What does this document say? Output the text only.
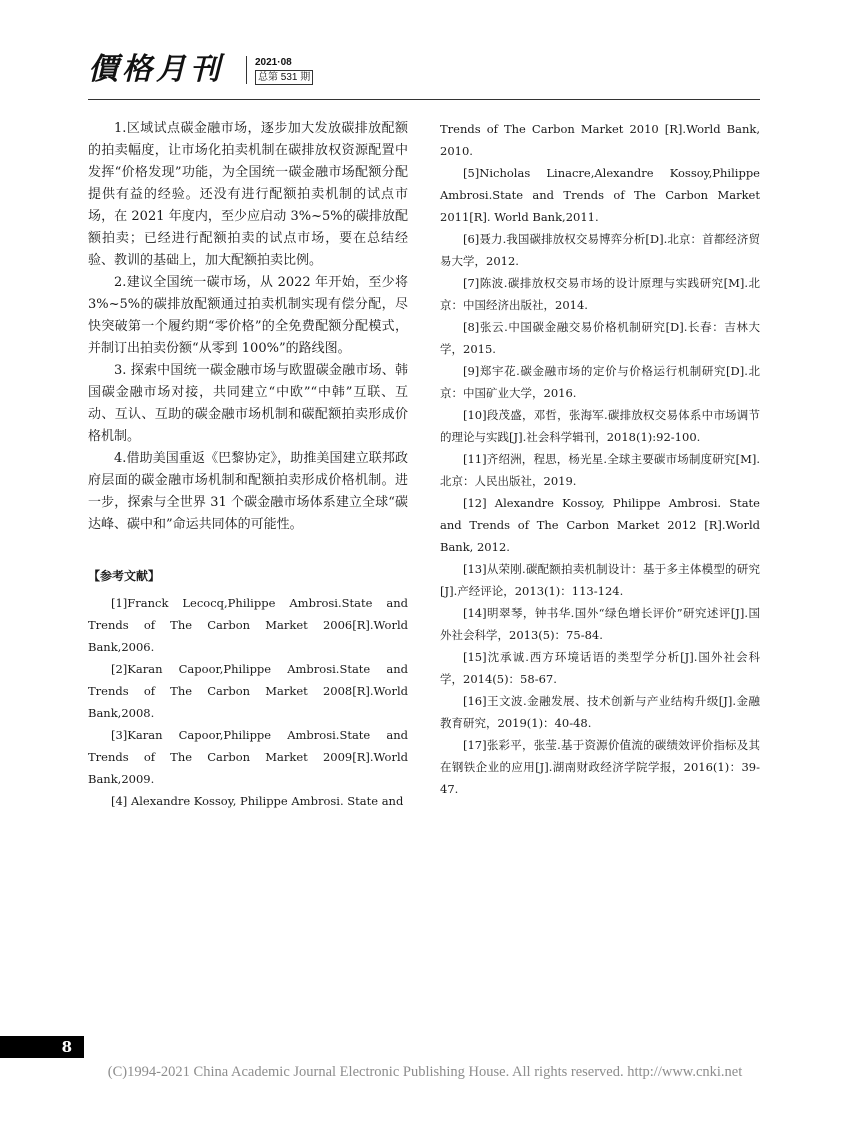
價格月刊	2021·08
总第 531 期

1.区域试点碳金融市场，逐步加大发放碳排放配额的拍卖幅度，让市场化拍卖机制在碳排放权资源配置中发挥“价格发现”功能，为全国统一碳金融市场配额分配提供有益的经验。还没有进行配额拍卖机制的试点市场，在 2021 年度内，至少应启动 3%~5%的碳排放配额拍卖；已经进行配额拍卖的试点市场，要在总结经验、教训的基础上，加大配额拍卖比例。

2.建议全国统一碳市场，从 2022 年开始，至少将 3%~5%的碳排放配额通过拍卖机制实现有偿分配，尽快突破第一个履约期“零价格”的全免费配额分配模式，并制订出拍卖份额“从零到 100%”的路线图。

3. 探索中国统一碳金融市场与欧盟碳金融市场、韩国碳金融市场对接，共同建立“中欧”“中韩”互联、互动、互认、互助的碳金融市场机制和碳配额拍卖形成价格机制。

4.借助美国重返《巴黎协定》，助推美国建立联邦政府层面的碳金融市场机制和配额拍卖形成价格机制。进一步，探索与全世界 31 个碳金融市场体系建立全球“碳达峰、碳中和”命运共同体的可能性。

【参考文献】

[1]Franck Lecocq,Philippe Ambrosi.State and Trends of The Carbon Market 2006[R].World Bank,2006.

[2]Karan Capoor,Philippe Ambrosi.State and Trends of The Carbon Market 2008[R].World Bank,2008.

[3]Karan Capoor,Philippe Ambrosi.State and Trends of The Carbon Market 2009[R].World Bank,2009.

[4] Alexandre Kossoy, Philippe Ambrosi. State and

Trends of The Carbon Market 2010 [R].World Bank, 2010.

[5]Nicholas Linacre,Alexandre Kossoy,Philippe Ambrosi.State and Trends of The Carbon Market 2011[R]. World Bank,2011.

[6]聂力.我国碳排放权交易博弈分析[D].北京：首都经济贸易大学，2012.

[7]陈波.碳排放权交易市场的设计原理与实践研究[M].北京：中国经济出版社，2014.

[8]张云.中国碳金融交易价格机制研究[D].长春：吉林大学，2015.

[9]郑宇花.碳金融市场的定价与价格运行机制研究[D].北京：中国矿业大学，2016.

[10]段茂盛，邓哲，张海军.碳排放权交易体系中市场调节的理论与实践[J].社会科学辑刊，2018(1):92-100.

[11]齐绍洲，程思，杨光星.全球主要碳市场制度研究[M].北京：人民出版社，2019.

[12] Alexandre Kossoy, Philippe Ambrosi. State and Trends of The Carbon Market 2012 [R].World Bank, 2012.

[13]从荣刚.碳配额拍卖机制设计：基于多主体模型的研究[J].产经评论，2013(1)：113-124.

[14]明翠琴，钟书华.国外“绿色增长评价”研究述评[J].国外社会科学，2013(5)：75-84.

[15]沈承诚.西方环境话语的类型学分析[J].国外社会科学，2014(5)：58-67.

[16]王文波.金融发展、技术创新与产业结构升级[J].金融教育研究，2019(1)：40-48.

[17]张彩平，张莹.基于资源价值流的碳绩效评价指标及其在钢铁企业的应用[J].湖南财政经济学院学报，2016(1)：39-47.

8
(C)1994-2021 China Academic Journal Electronic Publishing House. All rights reserved. http://www.cnki.net
